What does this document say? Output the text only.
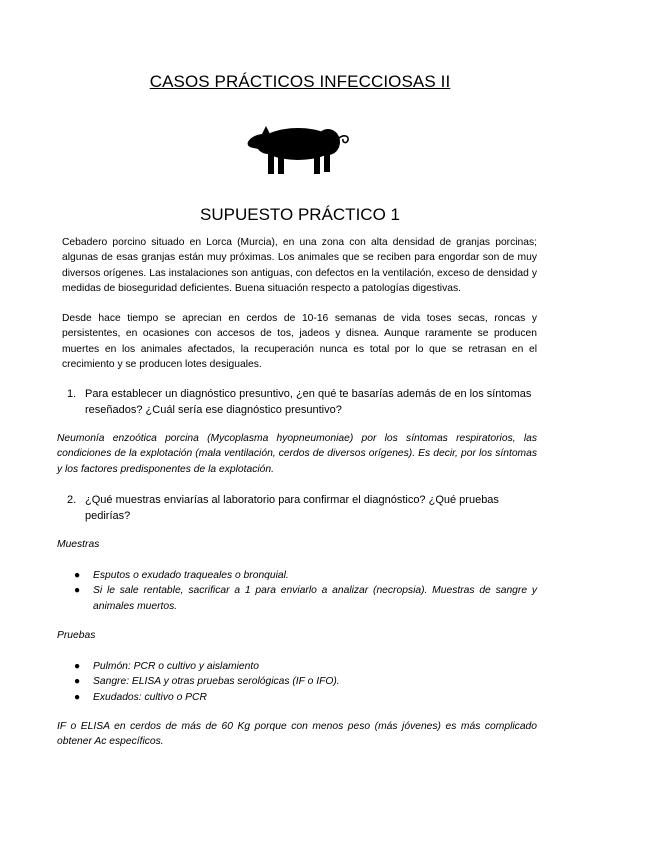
CASOS PRÁCTICOS INFECCIOSAS II
SUPUESTO PRÁCTICO 1
Cebadero porcino situado en Lorca (Murcia), en una zona con alta densidad de granjas porcinas; algunas de esas granjas están muy próximas. Los animales que se reciben para engordar son de muy diversos orígenes. Las instalaciones son antiguas, con defectos en la ventilación, exceso de densidad y medidas de bioseguridad deficientes. Buena situación respecto a patologías digestivas.
Desde hace tiempo se aprecian en cerdos de 10-16 semanas de vida toses secas, roncas y persistentes, en ocasiones con accesos de tos, jadeos y disnea. Aunque raramente se producen muertes en los animales afectados, la recuperación nunca es total por lo que se retrasan en el crecimiento y se producen lotes desiguales.
1. Para establecer un diagnóstico presuntivo, ¿en qué te basarías además de en los síntomas reseñados? ¿Cuál sería ese diagnóstico presuntivo?
Neumonía enzoótica porcina (Mycoplasma hyopneumoniae) por los síntomas respiratorios, las condiciones de la explotación (mala ventilación, cerdos de diversos orígenes). Es decir, por los síntomas y los factores predisponentes de la explotación.
2. ¿Qué muestras enviarías al laboratorio para confirmar el diagnóstico? ¿Qué pruebas pedirías?
Muestras
●	Esputos o exudado traqueales o bronquial.
●	Si le sale rentable, sacrificar a 1 para enviarlo a analizar (necropsia). Muestras de sangre y animales muertos.
Pruebas
●	Pulmón: PCR o cultivo y aislamiento
●	Sangre: ELISA y otras pruebas serológicas (IF o IFO).
●	Exudados: cultivo o PCR
IF o ELISA en cerdos de más de 60 Kg porque con menos peso (más jóvenes) es más complicado obtener Ac específicos.
